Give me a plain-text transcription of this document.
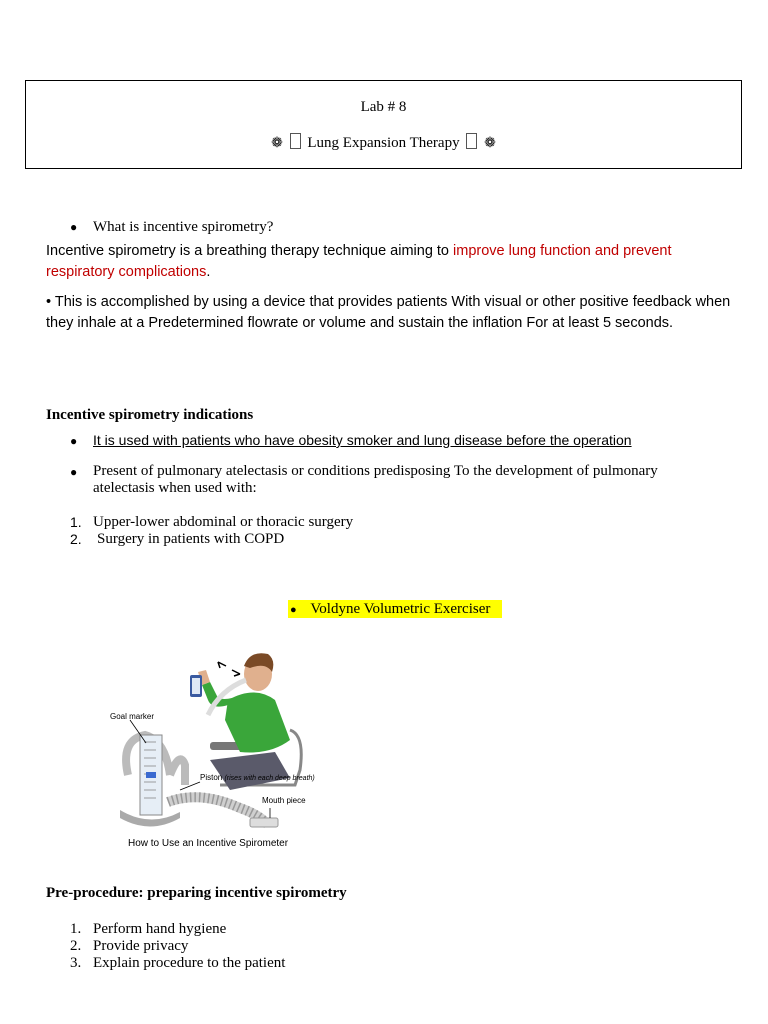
Lab # 8
❁ Lung Expansion Therapy ❁
● What is incentive spirometry?
Incentive spirometry is a breathing therapy technique aiming to improve lung function and prevent respiratory complications.
• This is accomplished by using a device that provides patients With visual or other positive feedback when they inhale at a Predetermined flowrate or volume and sustain the inflation For at least 5 seconds.
Incentive spirometry indications
● It is used with patients who have obesity smoker and lung disease before the operation
● Present of pulmonary atelectasis or conditions predisposing To the development of pulmonary atelectasis when used with:
1. Upper-lower abdominal or thoracic surgery
2. Surgery in patients with COPD
● Voldyne Volumetric Exerciser
Goal marker
Piston (rises with each deep breath)
Mouth piece
How to Use an Incentive Spirometer
Pre-procedure: preparing incentive spirometry
1. Perform hand hygiene
2. Provide privacy
3. Explain procedure to the patient
